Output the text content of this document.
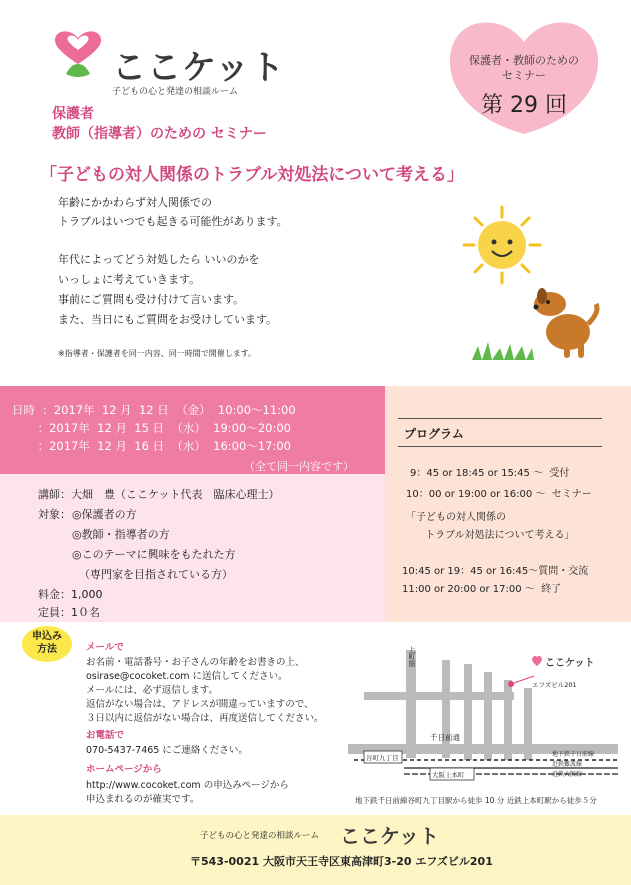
ここケット
子どもの心と発達の相談ルーム
保護者
教師（指導者）のための セミナー
保護者・教師のための
セミナー
第 29 回
「子どもの対人関係のトラブル対処法について考える」
年齢にかかわらず対人関係での
トラブルはいつでも起きる可能性があります。
年代によってどう対処したら いいのかを
いっしょに考えていきます。
事前にご質問も受け付けて言います。
また、当日にもご質問をお受けしています。
※指導者・保護者を同一内容、同一時間で開催します。
日時  ：2017年  12 月  12 日  （金）  10:00～11:00
：2017年  12 月  15 日  （水）  19:00～20:00
：2017年  12 月  16 日  （水）  16:00～17:00
（全て同一内容です）
講師：大畑　豊（ここケット代表　臨床心理士）
対象： ◎保護者の方
◎教師・指導者の方
◎このテーマに興味をもたれた方
（専門家を目指されている方）
料金：1,000
定員：1０名
プログラム
9：45 or 18:45 or 15:45 ～  受付
10：00 or 19:00 or 16:00 ～  セミナー
「子どもの対人関係の
トラブル対処法について考える」
10:45 or 19：45 or 16:45～質問・交流
11:00 or 20:00 or 17:00 ～  終了
申込み
方法	メールで
お名前・電話番号・お子さんの年齢をお書きの上、
osirase@cocoket.com に送信してください。
メールには、必ず返信します。
返信がない場合は、アドレスが間違っていますので、
３日以内に返信がない場合は、再度送信してください。
お電話で
070-5437-7465 にご連絡ください。
ホームページから
http://www.cocoket.com の申込みページから
申込まれるのが確実です。
上町筋
千日前通
谷町九丁目
大阪上本町
地下鉄千日前線
近鉄難波線
近鉄大阪線
ここケット
エフズビル201
地下鉄千日前線谷町九丁目駅から徒歩 10 分 近鉄上本町駅から徒歩５分
子どもの心と発達の相談ルーム ここケット
〒543-0021 大阪市天王寺区東高津町3-20 エフズビル201
